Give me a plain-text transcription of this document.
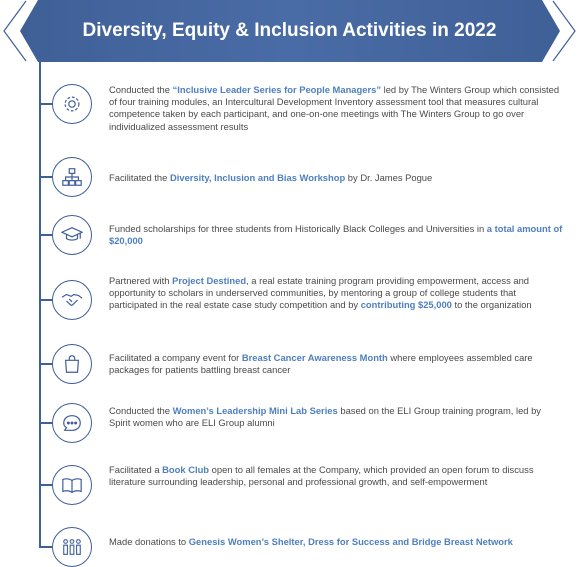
Diversity, Equity & Inclusion Activities in 2022
Conducted the “Inclusive Leader Series for People Managers” led by The Winters Group which consisted of four training modules, an Intercultural Development Inventory assessment tool that measures cultural competence taken by each participant, and one-on-one meetings with The Winters Group to go over individualized assessment results
Facilitated the Diversity, Inclusion and Bias Workshop by Dr. James Pogue
Funded scholarships for three students from Historically Black Colleges and Universities in a total amount of $20,000
Partnered with Project Destined, a real estate training program providing empowerment, access and opportunity to scholars in underserved communities, by mentoring a group of college students that participated in the real estate case study competition and by contributing $25,000 to the organization
Facilitated a company event for Breast Cancer Awareness Month where employees assembled care packages for patients battling breast cancer
Conducted the Women’s Leadership Mini Lab Series based on the ELI Group training program, led by Spirit women who are ELI Group alumni
Facilitated a Book Club open to all females at the Company, which provided an open forum to discuss literature surrounding leadership, personal and professional growth, and self-empowerment
Made donations to Genesis Women’s Shelter, Dress for Success and Bridge Breast Network
